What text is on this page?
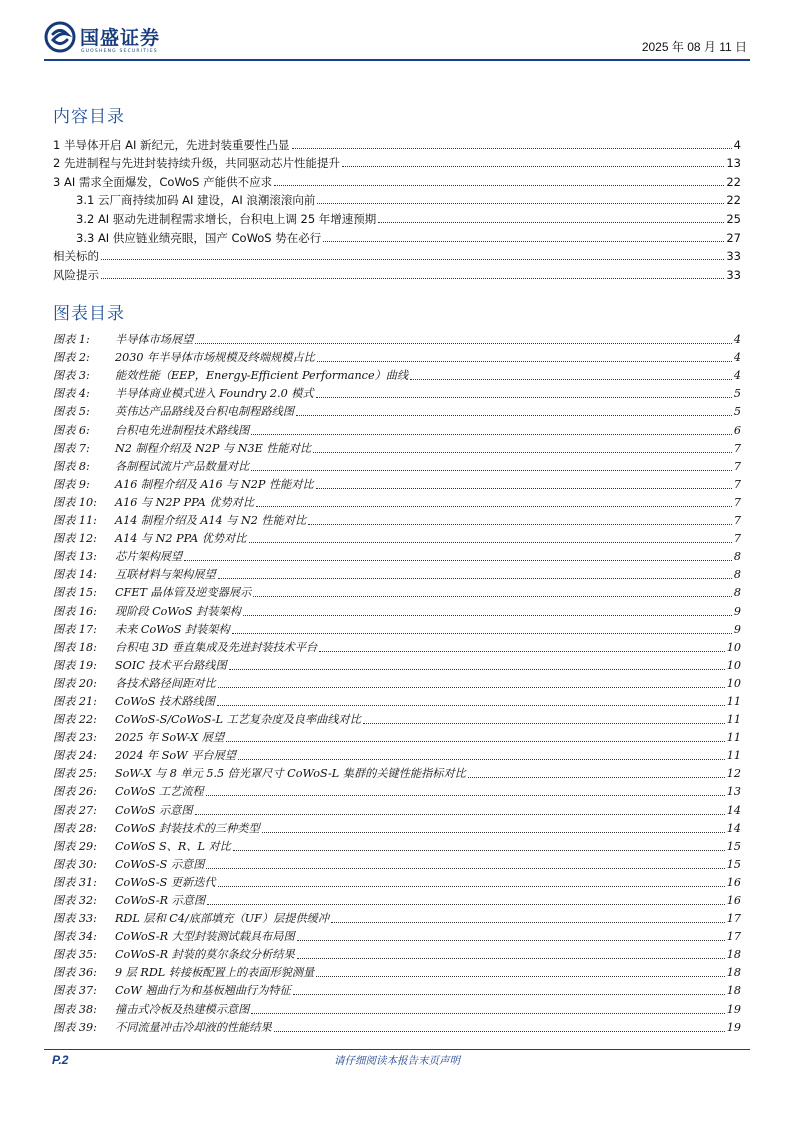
国盛证券
GUOSHENG SECURITIES	2025 年 08 月 11 日
内容目录
1 半导体开启 AI 新纪元，先进封装重要性凸显	4
2 先进制程与先进封装持续升级，共同驱动芯片性能提升	13
3 AI 需求全面爆发，CoWoS 产能供不应求	22
3.1 云厂商持续加码 AI 建设，AI 浪潮滚滚向前	22
3.2 AI 驱动先进制程需求增长，台积电上调 25 年增速预期	25
3.3 AI 供应链业绩亮眼，国产 CoWoS 势在必行	27
相关标的	33
风险提示	33
图表目录
图表 1: 半导体市场展望	4
图表 2: 2030 年半导体市场规模及终端规模占比	4
图表 3: 能效性能（EEP，Energy-Efficient Performance）曲线	4
图表 4: 半导体商业模式进入 Foundry 2.0 模式	5
图表 5: 英伟达产品路线及台积电制程路线图	5
图表 6: 台积电先进制程技术路线图	6
图表 7: N2 制程介绍及 N2P 与 N3E 性能对比	7
图表 8: 各制程试流片产品数量对比	7
图表 9: A16 制程介绍及 A16 与 N2P 性能对比	7
图表 10: A16 与 N2P PPA 优势对比	7
图表 11: A14 制程介绍及 A14 与 N2 性能对比	7
图表 12: A14 与 N2 PPA 优势对比	7
图表 13: 芯片架构展望	8
图表 14: 互联材料与架构展望	8
图表 15: CFET 晶体管及逆变器展示	8
图表 16: 现阶段 CoWoS 封装架构	9
图表 17: 未来 CoWoS 封装架构	9
图表 18: 台积电 3D 垂直集成及先进封装技术平台	10
图表 19: SOIC 技术平台路线图	10
图表 20: 各技术路径间距对比	10
图表 21: CoWoS 技术路线图	11
图表 22: CoWoS-S/CoWoS-L 工艺复杂度及良率曲线对比	11
图表 23: 2025 年 SoW-X 展望	11
图表 24: 2024 年 SoW 平台展望	11
图表 25: SoW-X 与 8 单元 5.5 倍光罩尺寸 CoWoS-L 集群的关键性能指标对比	12
图表 26: CoWoS 工艺流程	13
图表 27: CoWoS 示意图	14
图表 28: CoWoS 封装技术的三种类型	14
图表 29: CoWoS S、R、L 对比	15
图表 30: CoWoS-S 示意图	15
图表 31: CoWoS-S 更新迭代	16
图表 32: CoWoS-R 示意图	16
图表 33: RDL 层和 C4/底部填充（UF）层提供缓冲	17
图表 34: CoWoS-R 大型封装测试载具布局图	17
图表 35: CoWoS-R 封装的莫尔条纹分析结果	18
图表 36: 9 层 RDL 转接板配置上的表面形貌测量	18
图表 37: CoW 翘曲行为和基板翘曲行为特征	18
图表 38: 撞击式冷板及热建模示意图	19
图表 39: 不同流量冲击冷却液的性能结果	19
P.2	请仔细阅读本报告末页声明
